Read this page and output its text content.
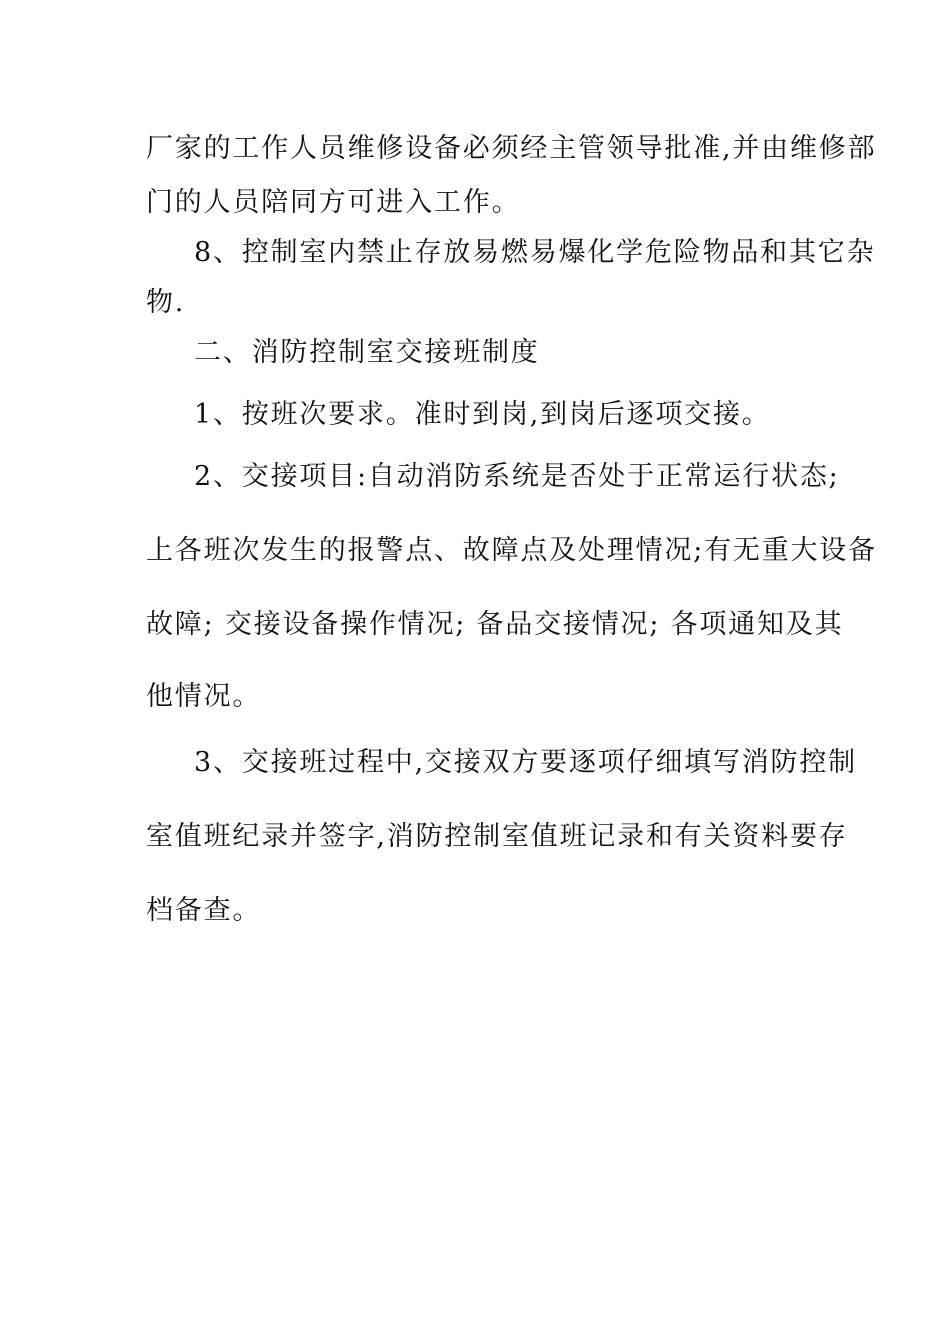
厂家的工作人员维修设备必须经主管领导批准,并由维修部
门的人员陪同方可进入工作。
8、控制室内禁止存放易燃易爆化学危险物品和其它杂
物.
二、消防控制室交接班制度
1、按班次要求。准时到岗,到岗后逐项交接。
2、交接项目:自动消防系统是否处于正常运行状态;
上各班次发生的报警点、故障点及处理情况;有无重大设备
故障; 交接设备操作情况; 备品交接情况; 各项通知及其
他情况。
3、交接班过程中,交接双方要逐项仔细填写消防控制
室值班纪录并签字,消防控制室值班记录和有关资料要存
档备查。
